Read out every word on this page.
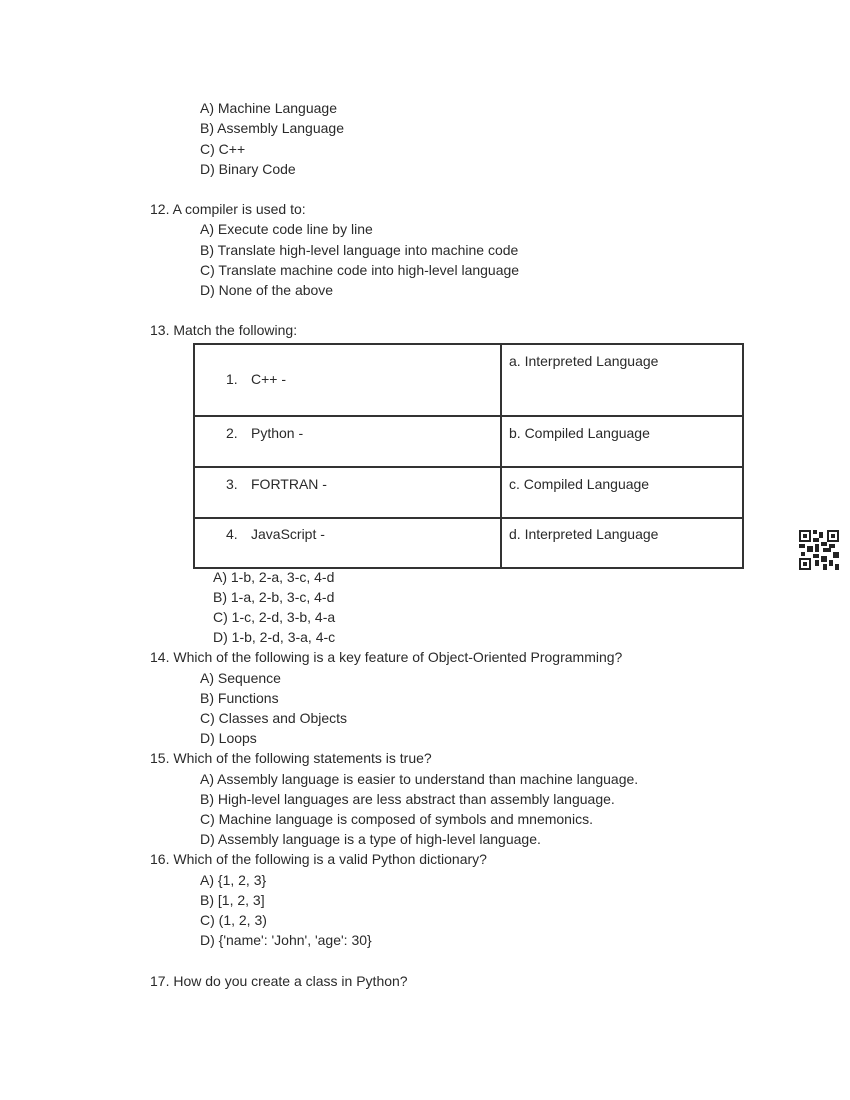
A) Machine Language
B) Assembly Language
C) C++
D) Binary Code
12. A compiler is used to:
A) Execute code line by line
B) Translate high-level language into machine code
C) Translate machine code into high-level language
D) None of the above
13. Match the following:
1. C++ -	a. Interpreted Language
2. Python -	b. Compiled Language
3. FORTRAN -	c. Compiled Language
4. JavaScript -	d. Interpreted Language
A) 1-b, 2-a, 3-c, 4-d
B) 1-a, 2-b, 3-c, 4-d
C) 1-c, 2-d, 3-b, 4-a
D) 1-b, 2-d, 3-a, 4-c
14. Which of the following is a key feature of Object-Oriented Programming?
A) Sequence
B) Functions
C) Classes and Objects
D) Loops
15. Which of the following statements is true?
A) Assembly language is easier to understand than machine language.
B) High-level languages are less abstract than assembly language.
C) Machine language is composed of symbols and mnemonics.
D) Assembly language is a type of high-level language.
16. Which of the following is a valid Python dictionary?
A) {1, 2, 3}
B) [1, 2, 3]
C) (1, 2, 3)
D) {'name': 'John', 'age': 30}
17. How do you create a class in Python?
